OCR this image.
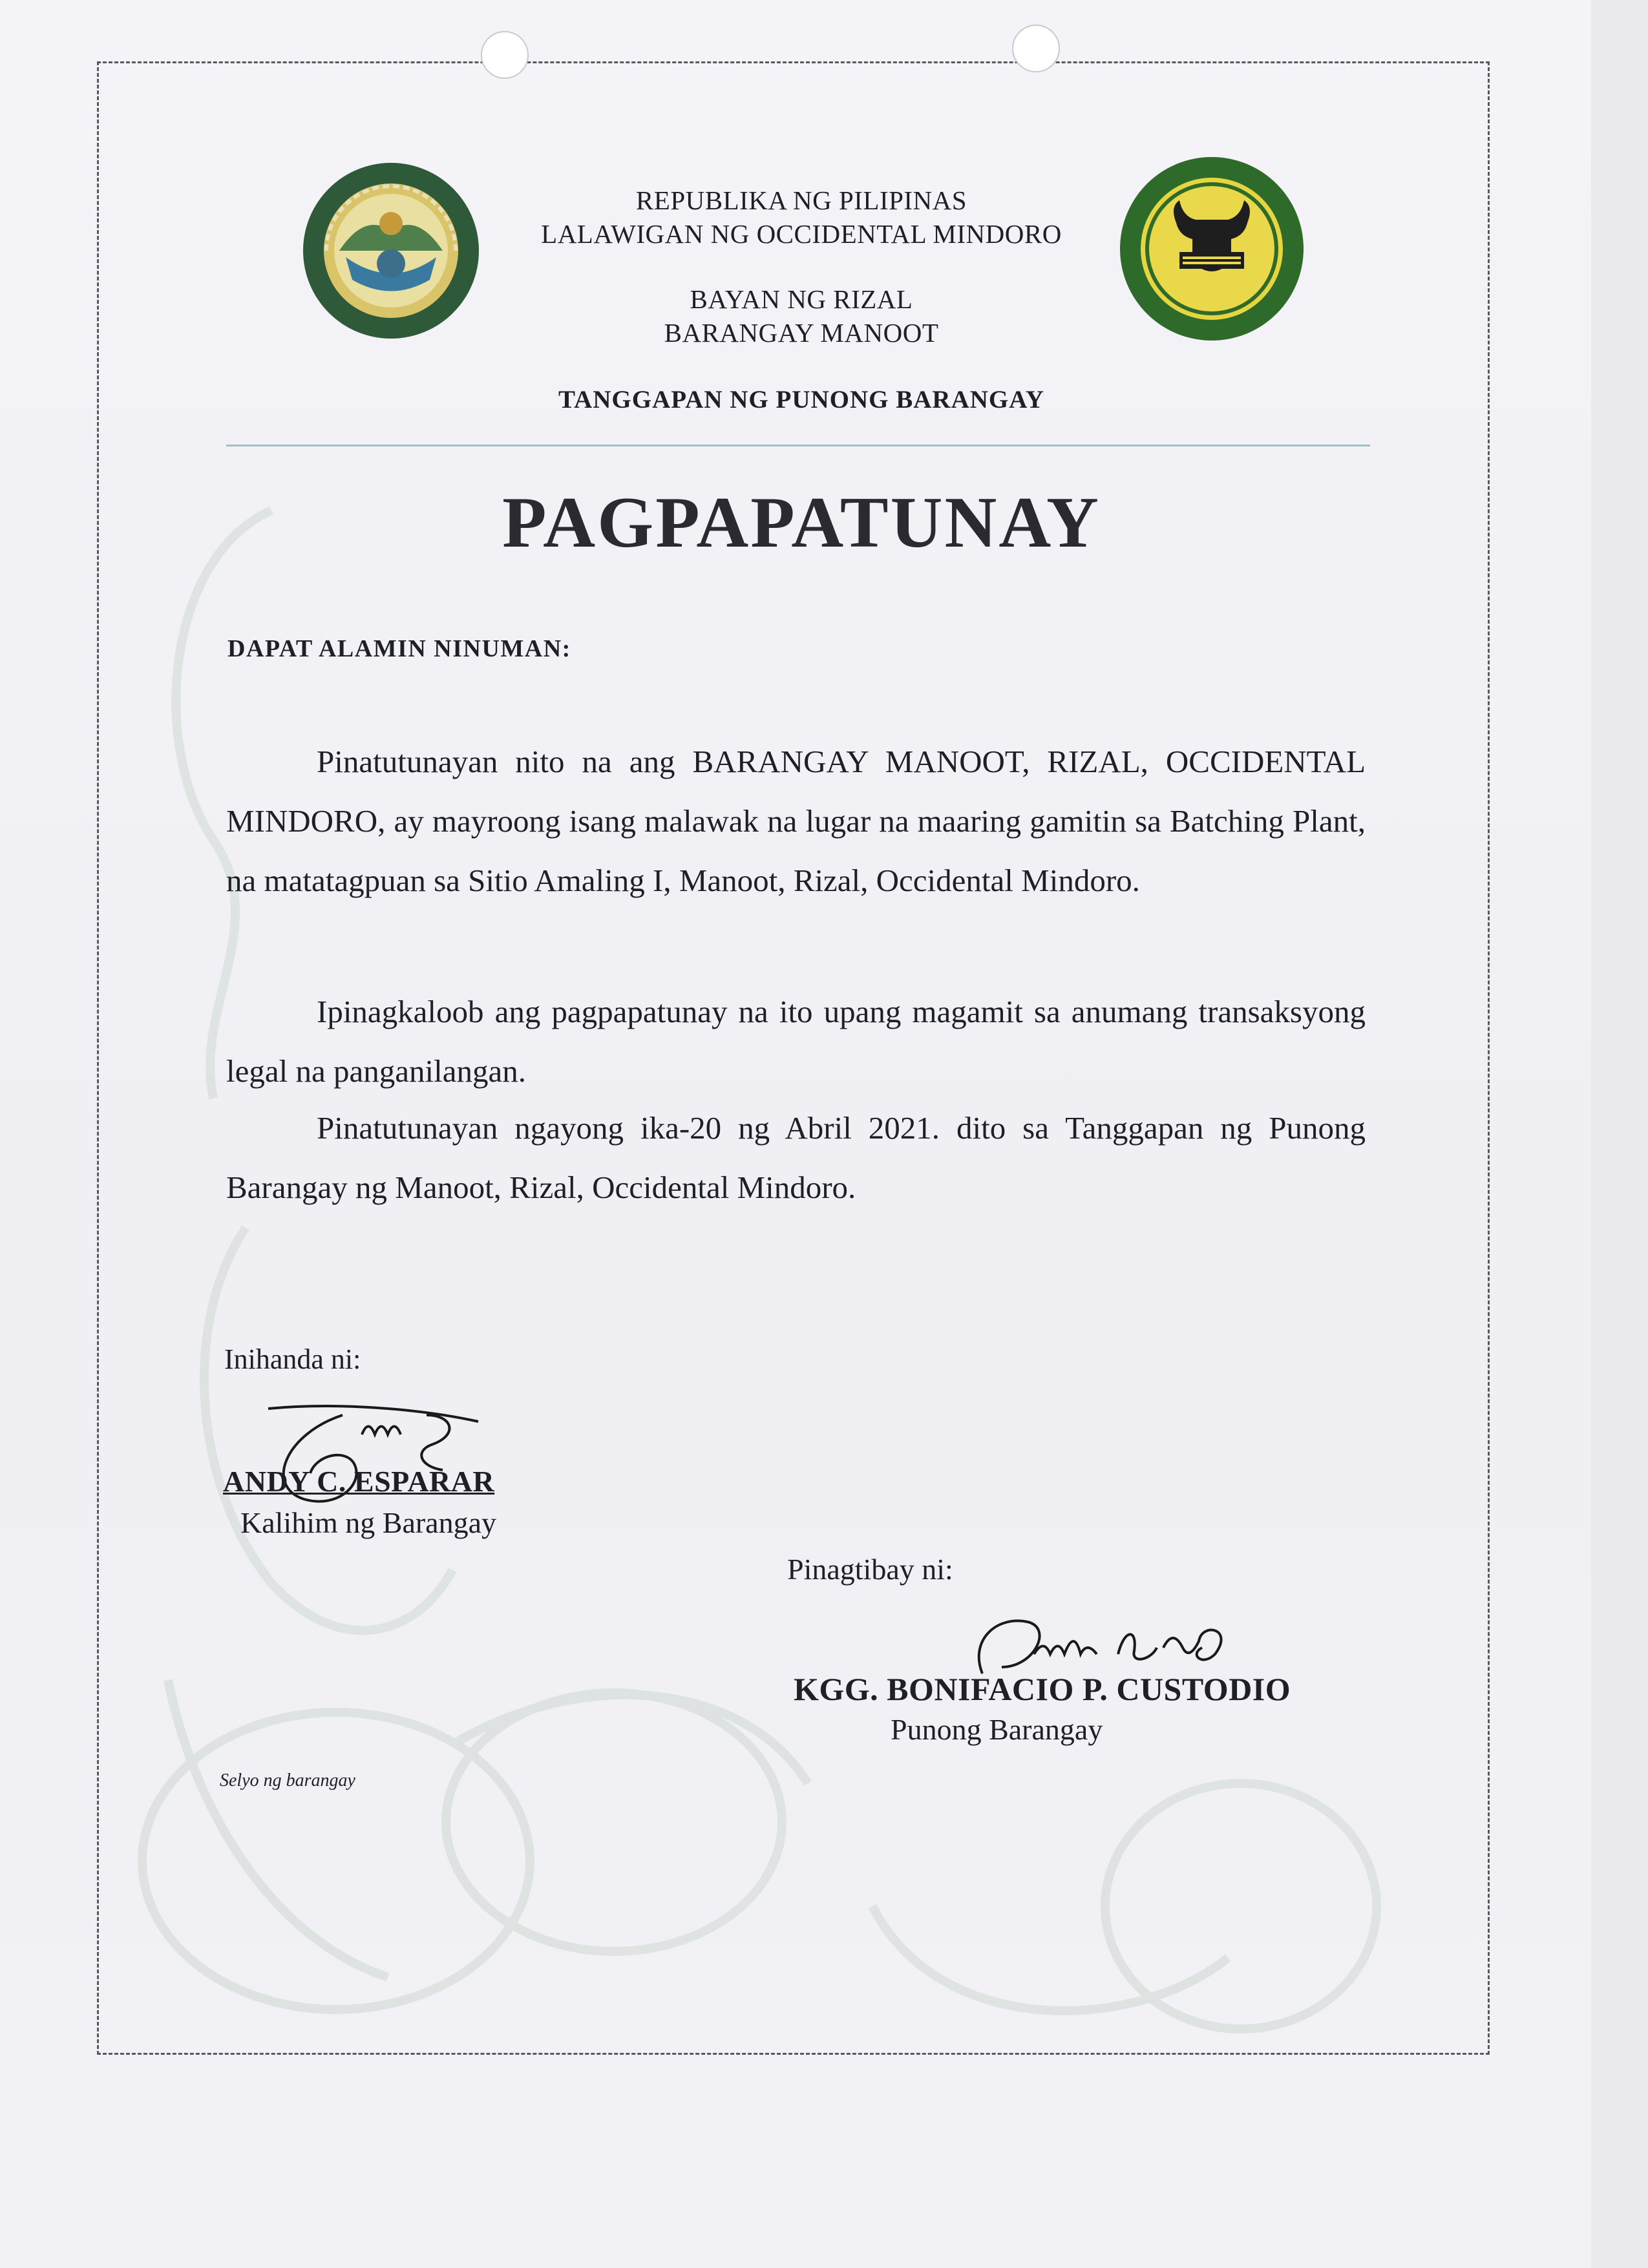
REPUBLIKA NG PILIPINAS
LALAWIGAN NG OCCIDENTAL MINDORO
BAYAN NG RIZAL
BARANGAY MANOOT
TANGGAPAN NG PUNONG BARANGAY
PAGPAPATUNAY
DAPAT ALAMIN NINUMAN:
Pinatutunayan nito na ang BARANGAY MANOOT, RIZAL, OCCIDENTAL MINDORO, ay mayroong isang malawak na lugar na maaring gamitin sa Batching Plant, na matatagpuan sa Sitio Amaling I, Manoot, Rizal, Occidental Mindoro.
Ipinagkaloob ang pagpapatunay na ito upang magamit sa anumang transaksyong legal na panganilangan.
Pinatutunayan ngayong ika-20 ng Abril 2021. dito sa Tanggapan ng Punong Barangay ng Manoot, Rizal, Occidental Mindoro.
Inihanda ni:
ANDY C. ESPARAR
Kalihim ng Barangay
Pinagtibay ni:
KGG. BONIFACIO P. CUSTODIO
Punong Barangay
Selyo ng barangay
